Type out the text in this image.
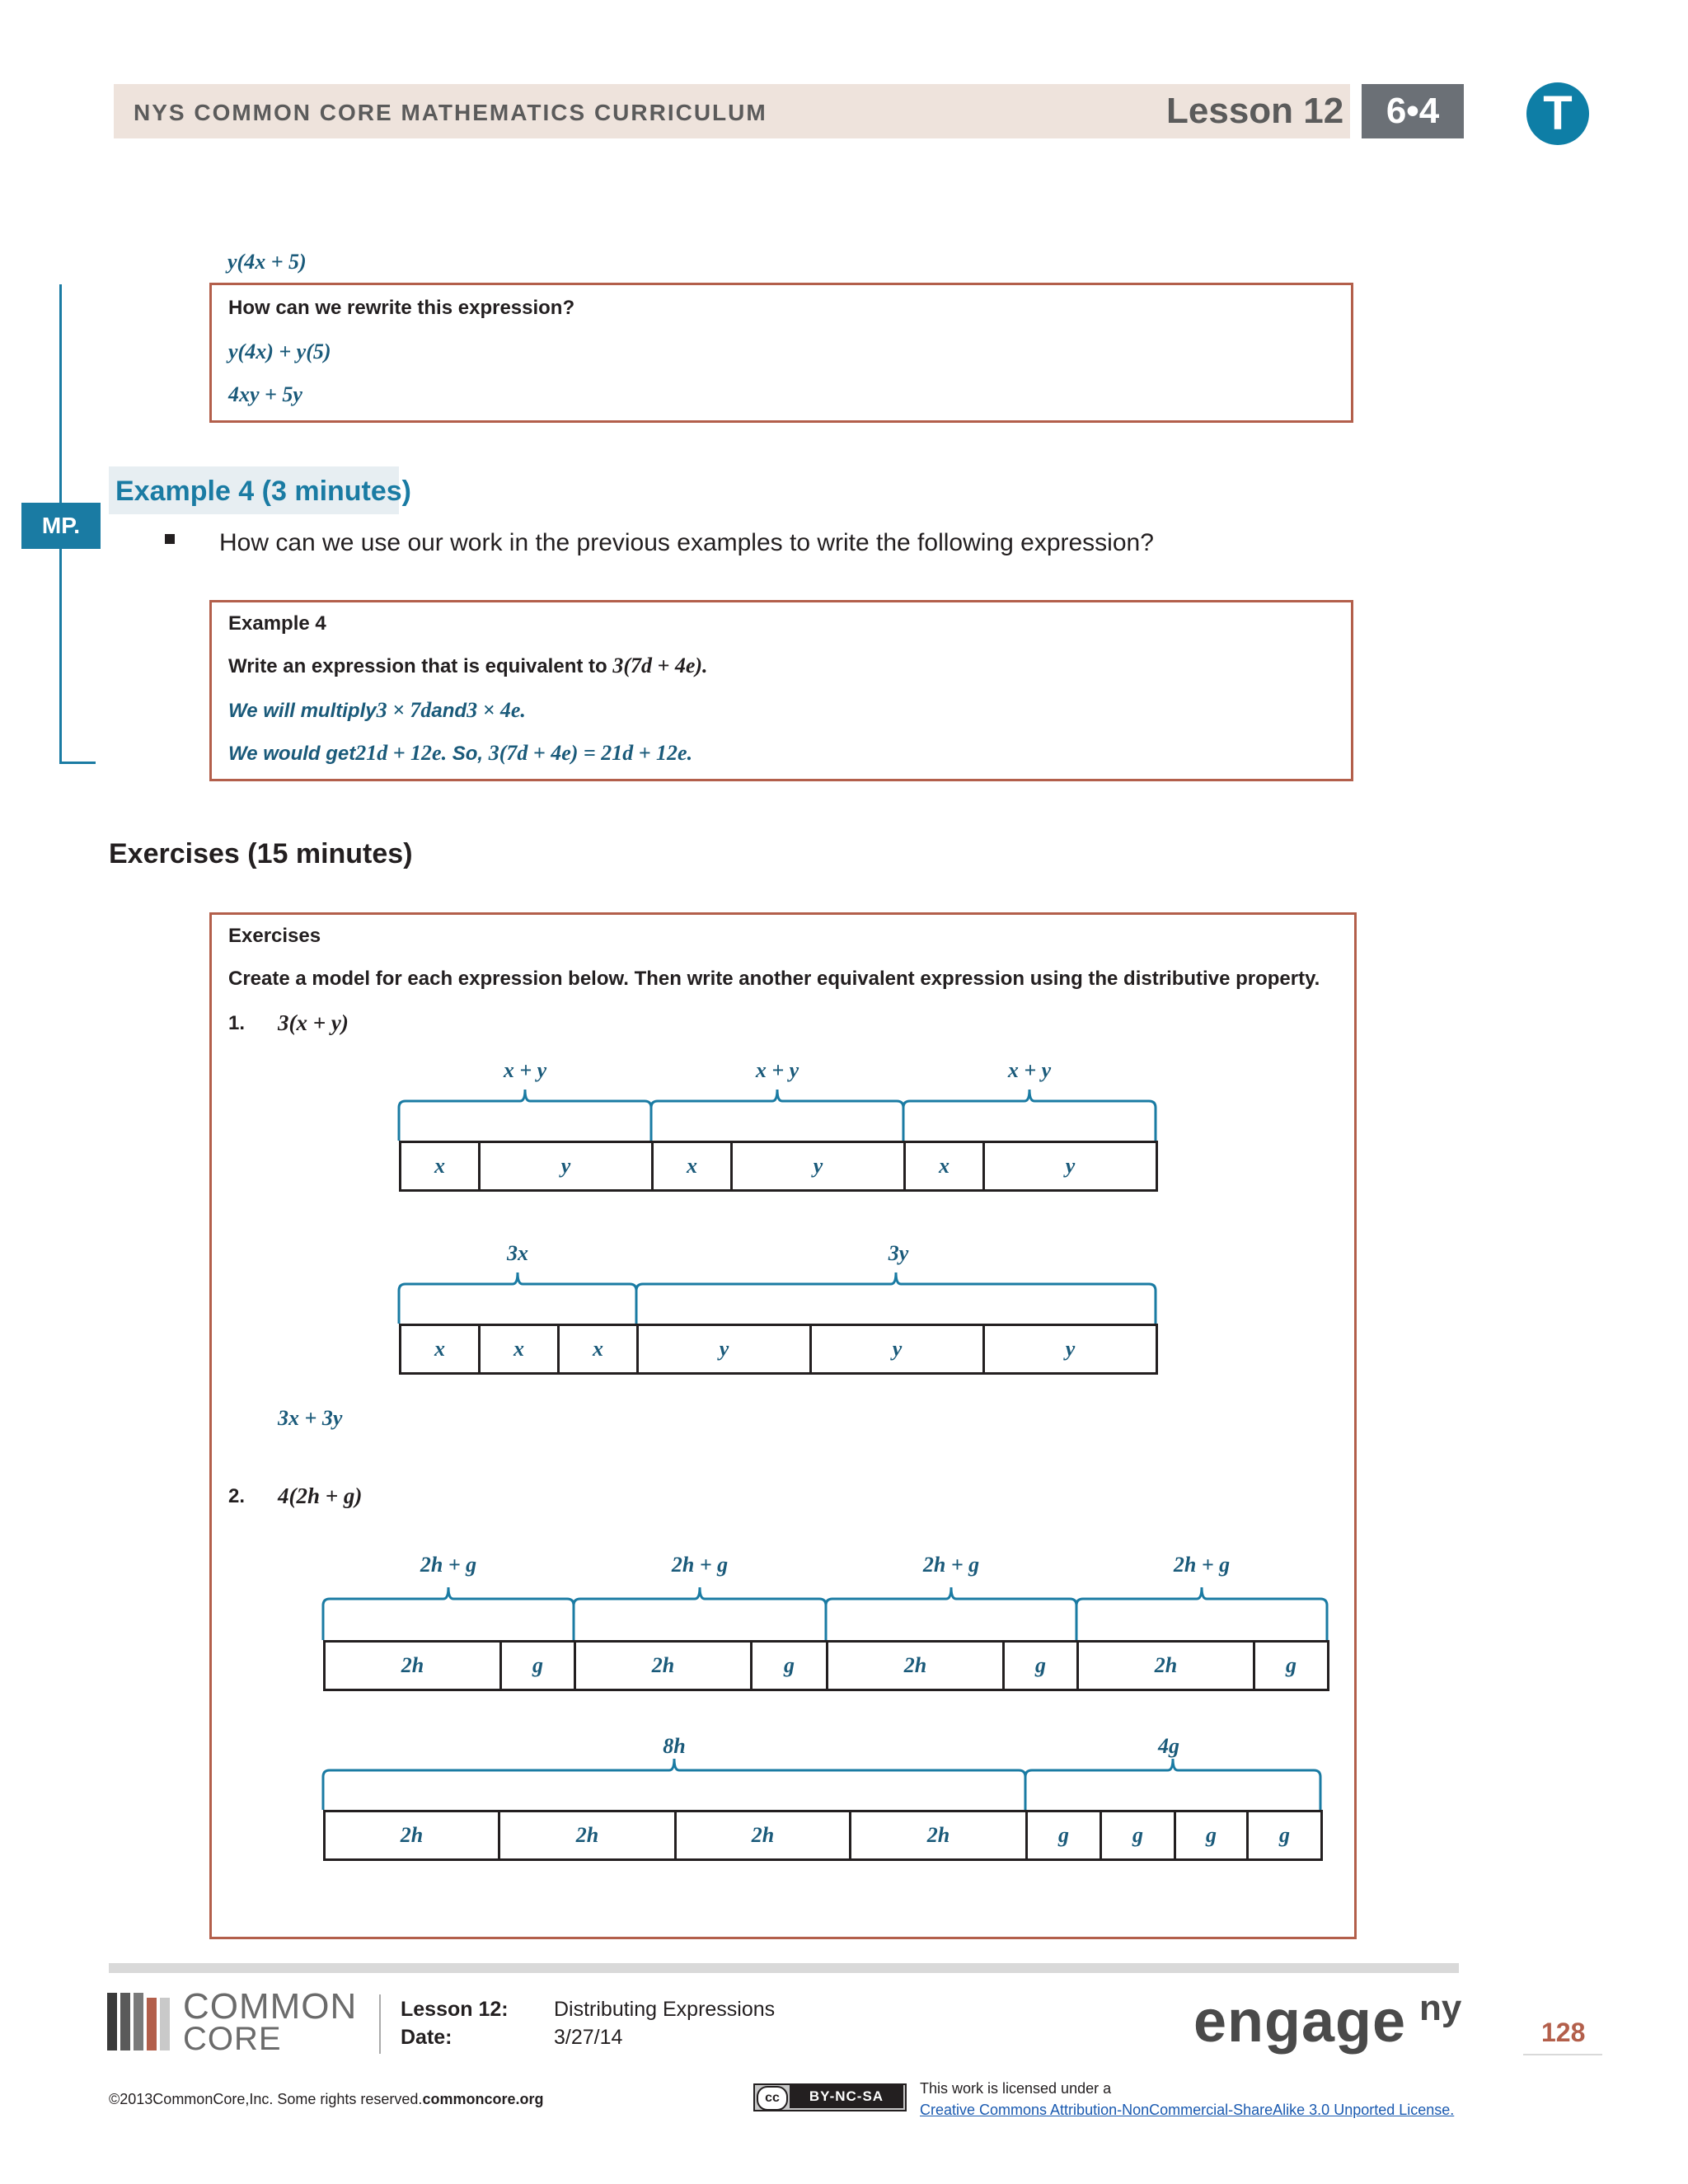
NYS COMMON CORE MATHEMATICS CURRICULUM	Lesson 12	6•4	T
y(4x + 5)
How can we rewrite this expression?
y(4x) + y(5)
4xy + 5y
MP.
Example 4 (3 minutes)
How can we use our work in the previous examples to write the following expression?
Example 4
Write an expression that is equivalent to 3(7d + 4e).
We will multiply3 × 7dand3 × 4e.
We would get21d + 12e. So, 3(7d + 4e) = 21d + 12e.
Exercises (15 minutes)
Exercises
Create a model for each expression below. Then write another equivalent expression using the distributive property.
1. 3(x + y)
3x + 3y
2. 4(2h + g)
x	y	x	y	x	y
x + y	x + y	x + y
x	x	x	y	y	y
3x	3y
2h	g	2h	g	2h	g	2h	g
2h + g	2h + g	2h + g	2h + g
2h	2h	2h	2h	g	g	g	g
8h	4g
COMMON
CORE
Lesson 12: Distributing Expressions
Date:	3/27/14	engage ny
128
©2013CommonCore,Inc. Some rights reserved.commoncore.org	cc	BY-NC-SA	This work is licensed under a
Creative Commons Attribution-NonCommercial-ShareAlike 3.0 Unported License.
